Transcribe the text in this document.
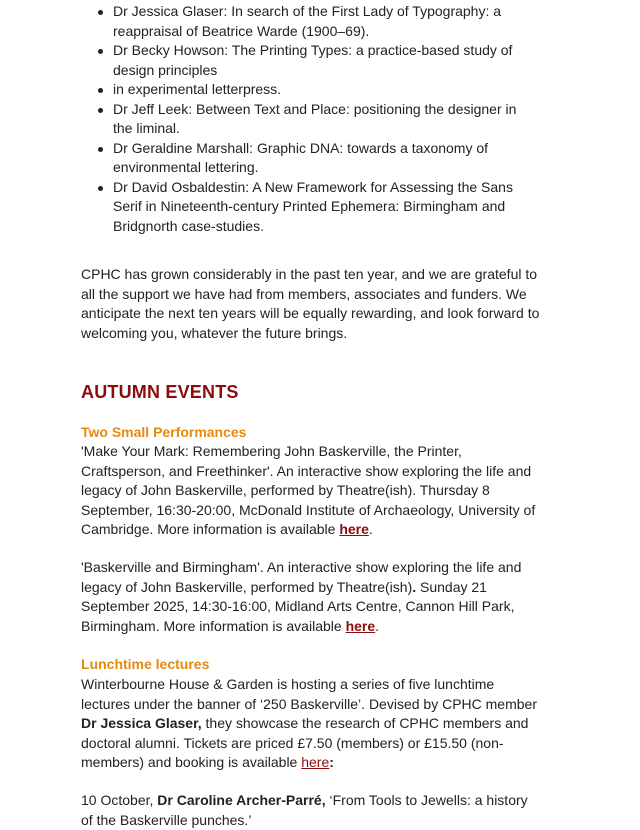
Dr Jessica Glaser: In search of the First Lady of Typography: a reappraisal of Beatrice Warde (1900–69).
Dr Becky Howson: The Printing Types: a practice-based study of design principles
in experimental letterpress.
Dr Jeff Leek: Between Text and Place: positioning the designer in the liminal.
Dr Geraldine Marshall: Graphic DNA: towards a taxonomy of environmental lettering.
Dr David Osbaldestin: A New Framework for Assessing the Sans Serif in Nineteenth-century Printed Ephemera: Birmingham and Bridgnorth case-studies.

CPHC has grown considerably in the past ten year, and we are grateful to all the support we have had from members, associates and funders. We anticipate the next ten years will be equally rewarding, and look forward to welcoming you, whatever the future brings.

AUTUMN EVENTS
Two Small Performances

'Make Your Mark: Remembering John Baskerville, the Printer, Craftsperson, and Freethinker'. An interactive show exploring the life and legacy of John Baskerville, performed by Theatre(ish). Thursday 8 September, 16:30-20:00, McDonald Institute of Archaeology, University of Cambridge. More information is available here.

'Baskerville and Birmingham'. An interactive show exploring the life and legacy of John Baskerville, performed by Theatre(ish). Sunday 21 September 2025, 14:30-16:00, Midland Arts Centre, Cannon Hill Park, Birmingham. More information is available here.

Lunchtime lectures

Winterbourne House & Garden is hosting a series of five lunchtime lectures under the banner of ‘250 Baskerville’. Devised by CPHC member Dr Jessica Glaser, they showcase the research of CPHC members and doctoral alumni. Tickets are priced £7.50 (members) or £15.50 (non-members) and booking is available here:

10 October, Dr Caroline Archer-Parré, ‘From Tools to Jewells: a history of the Baskerville punches.’
